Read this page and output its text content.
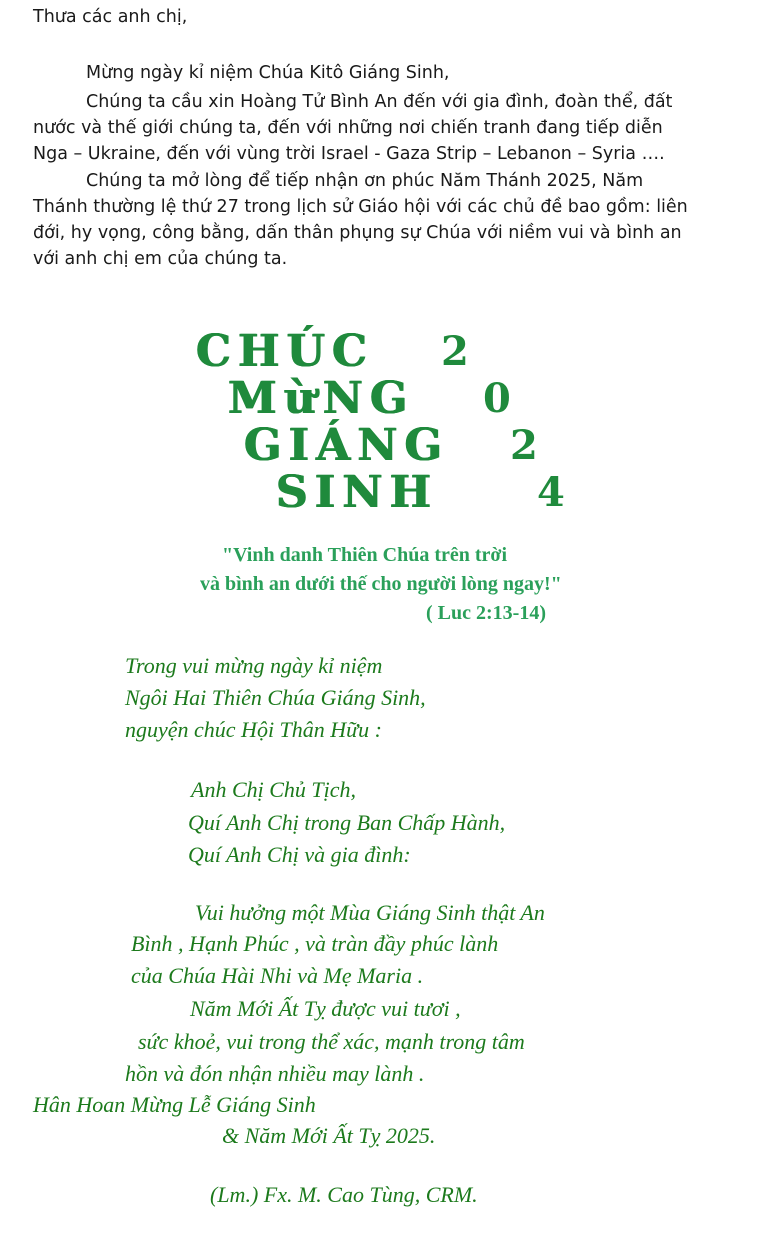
Thưa các anh chị,
Mừng ngày kỉ niệm Chúa Kitô Giáng Sinh,
Chúng ta cầu xin Hoàng Tử Bình An đến với gia đình, đoàn thể, đất
nước và thế giới chúng ta, đến với những nơi chiến tranh đang tiếp diễn
Nga – Ukraine, đến với vùng trời Israel - Gaza Strip – Lebanon – Syria ….
Chúng ta mở lòng để tiếp nhận ơn phúc Năm Thánh 2025, Năm
Thánh thường lệ thứ 27 trong lịch sử Giáo hội với các chủ đề bao gồm: liên
đới, hy vọng, công bằng, dấn thân phụng sự Chúa với niềm vui và bình an
với anh chị em của chúng ta.
CHÚC
MừNG
GIÁNG
SINH
2
0
2
4
"Vinh danh Thiên Chúa trên trời
và bình an dưới thế cho người lòng ngay!"
( Luc 2:13-14)
Trong vui mừng ngày kỉ niệm
Ngôi Hai Thiên Chúa Giáng Sinh,
nguyện chúc Hội Thân Hữu :
Anh Chị Chủ Tịch,
Quí Anh Chị trong Ban Chấp Hành,
Quí Anh Chị và gia đình:
Vui hưởng một Mùa Giáng Sinh thật An
Bình , Hạnh Phúc , và tràn đầy phúc lành
của Chúa Hài Nhi và Mẹ Maria .
Năm Mới Ất Tỵ được vui tươi ,
sức khoẻ, vui trong thể xác, mạnh trong tâm
hồn và đón nhận nhiều may lành .
Hân Hoan Mừng Lễ Giáng Sinh
& Năm Mới Ất Tỵ 2025.
(Lm.) Fx. M. Cao Tùng, CRM.
